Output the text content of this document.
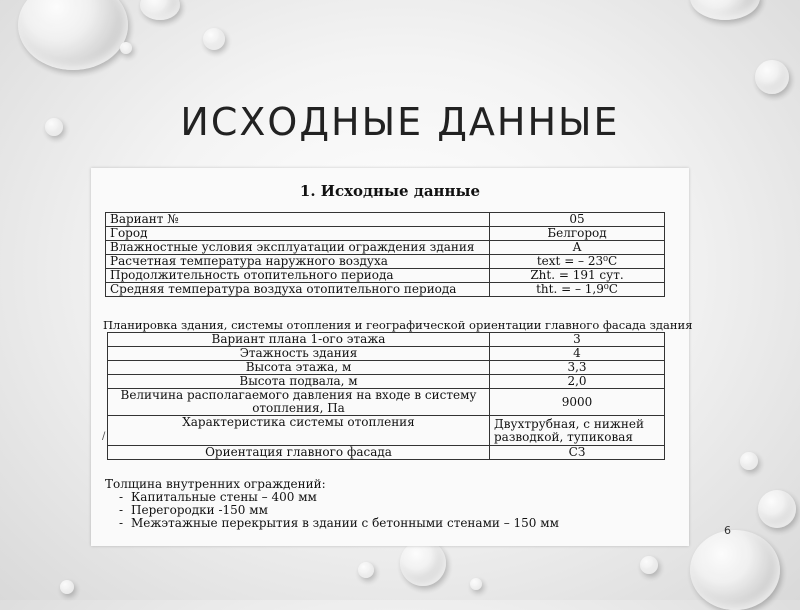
ИСХОДНЫЕ ДАННЫЕ
1. Исходные данные
Вариант №	05
Город	Белгород
Влажностные условия эксплуатации ограждения здания	А
Расчетная температура наружного воздуха	text = – 23⁰С
Продолжительность отопительного периода	Zht. = 191 сут.
Средняя температура воздуха отопительного периода	tht. = – 1,9⁰С
Планировка здания, системы отопления и географической ориентации главного фасада здания
Вариант плана 1-ого этажа	3
Этажность здания	4
Высота этажа, м	3,3
Высота подвала, м	2,0
Величина располагаемого давления на входе в систему отопления, Па	9000
Характеристика системы отопления	Двухтрубная, с нижней разводкой, тупиковая
Ориентация главного фасада	СЗ
/
Толщина внутренних ограждений:
- Капитальные стены – 400 мм
- Перегородки -150 мм
- Межэтажные перекрытия в здании с бетонными стенами – 150 мм
6
